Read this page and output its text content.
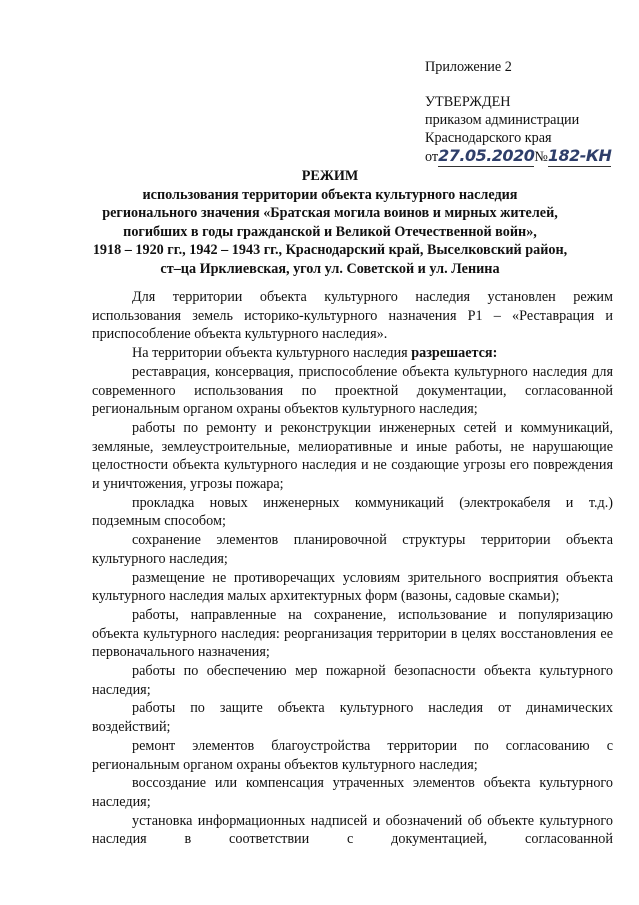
Приложение 2
УТВЕРЖДЕН
приказом администрации
Краснодарского края
от27.05.2020№182-КН
РЕЖИМ
использования территории объекта культурного наследия
регионального значения «Братская могила воинов и мирных жителей,
погибших в годы гражданской и Великой Отечественной войн»,
1918 – 1920 гг., 1942 – 1943 гг., Краснодарский край, Выселковский район,
ст–ца Ирклиевская, угол ул. Советской и ул. Ленина

Для территории объекта культурного наследия установлен режим использования земель историко-культурного назначения Р1 – «Реставрация и приспособление объекта культурного наследия».

На территории объекта культурного наследия разрешается:

реставрация, консервация, приспособление объекта культурного наследия для современного использования по проектной документации, согласованной региональным органом охраны объектов культурного наследия;

работы по ремонту и реконструкции инженерных сетей и коммуникаций, земляные, землеустроительные, мелиоративные и иные работы, не нарушающие целостности объекта культурного наследия и не создающие угрозы его повреждения и уничтожения, угрозы пожара;

прокладка новых инженерных коммуникаций (электрокабеля и т.д.) подземным способом;

сохранение элементов планировочной структуры территории объекта культурного наследия;

размещение не противоречащих условиям зрительного восприятия объекта культурного наследия малых архитектурных форм (вазоны, садовые скамьи);

работы, направленные на сохранение, использование и популяризацию объекта культурного наследия: реорганизация территории в целях восстановления ее первоначального назначения;

работы по обеспечению мер пожарной безопасности объекта культурного наследия;

работы по защите объекта культурного наследия от динамических воздействий;

ремонт элементов благоустройства территории по согласованию с региональным органом охраны объектов культурного наследия;

воссоздание или компенсация утраченных элементов объекта культурного наследия;

установка информационных надписей и обозначений об объекте культурного наследия в соответствии с документацией, согласованной
